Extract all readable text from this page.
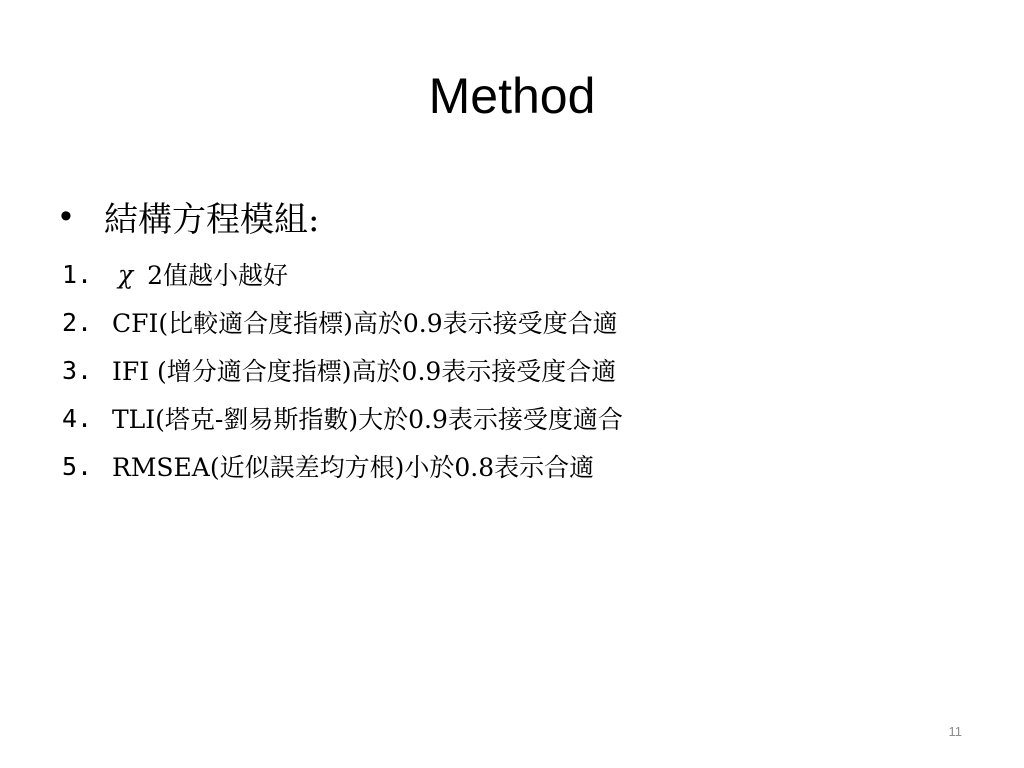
Method
• 結構方程模組:
1.	χ 2值越小越好
2. CFI(比較適合度指標)高於0.9表示接受度合適
3. IFI (增分適合度指標)高於0.9表示接受度合適
4. TLI(塔克-劉易斯指數)大於0.9表示接受度適合
5. RMSEA(近似誤差均方根)小於0.8表示合適
11
